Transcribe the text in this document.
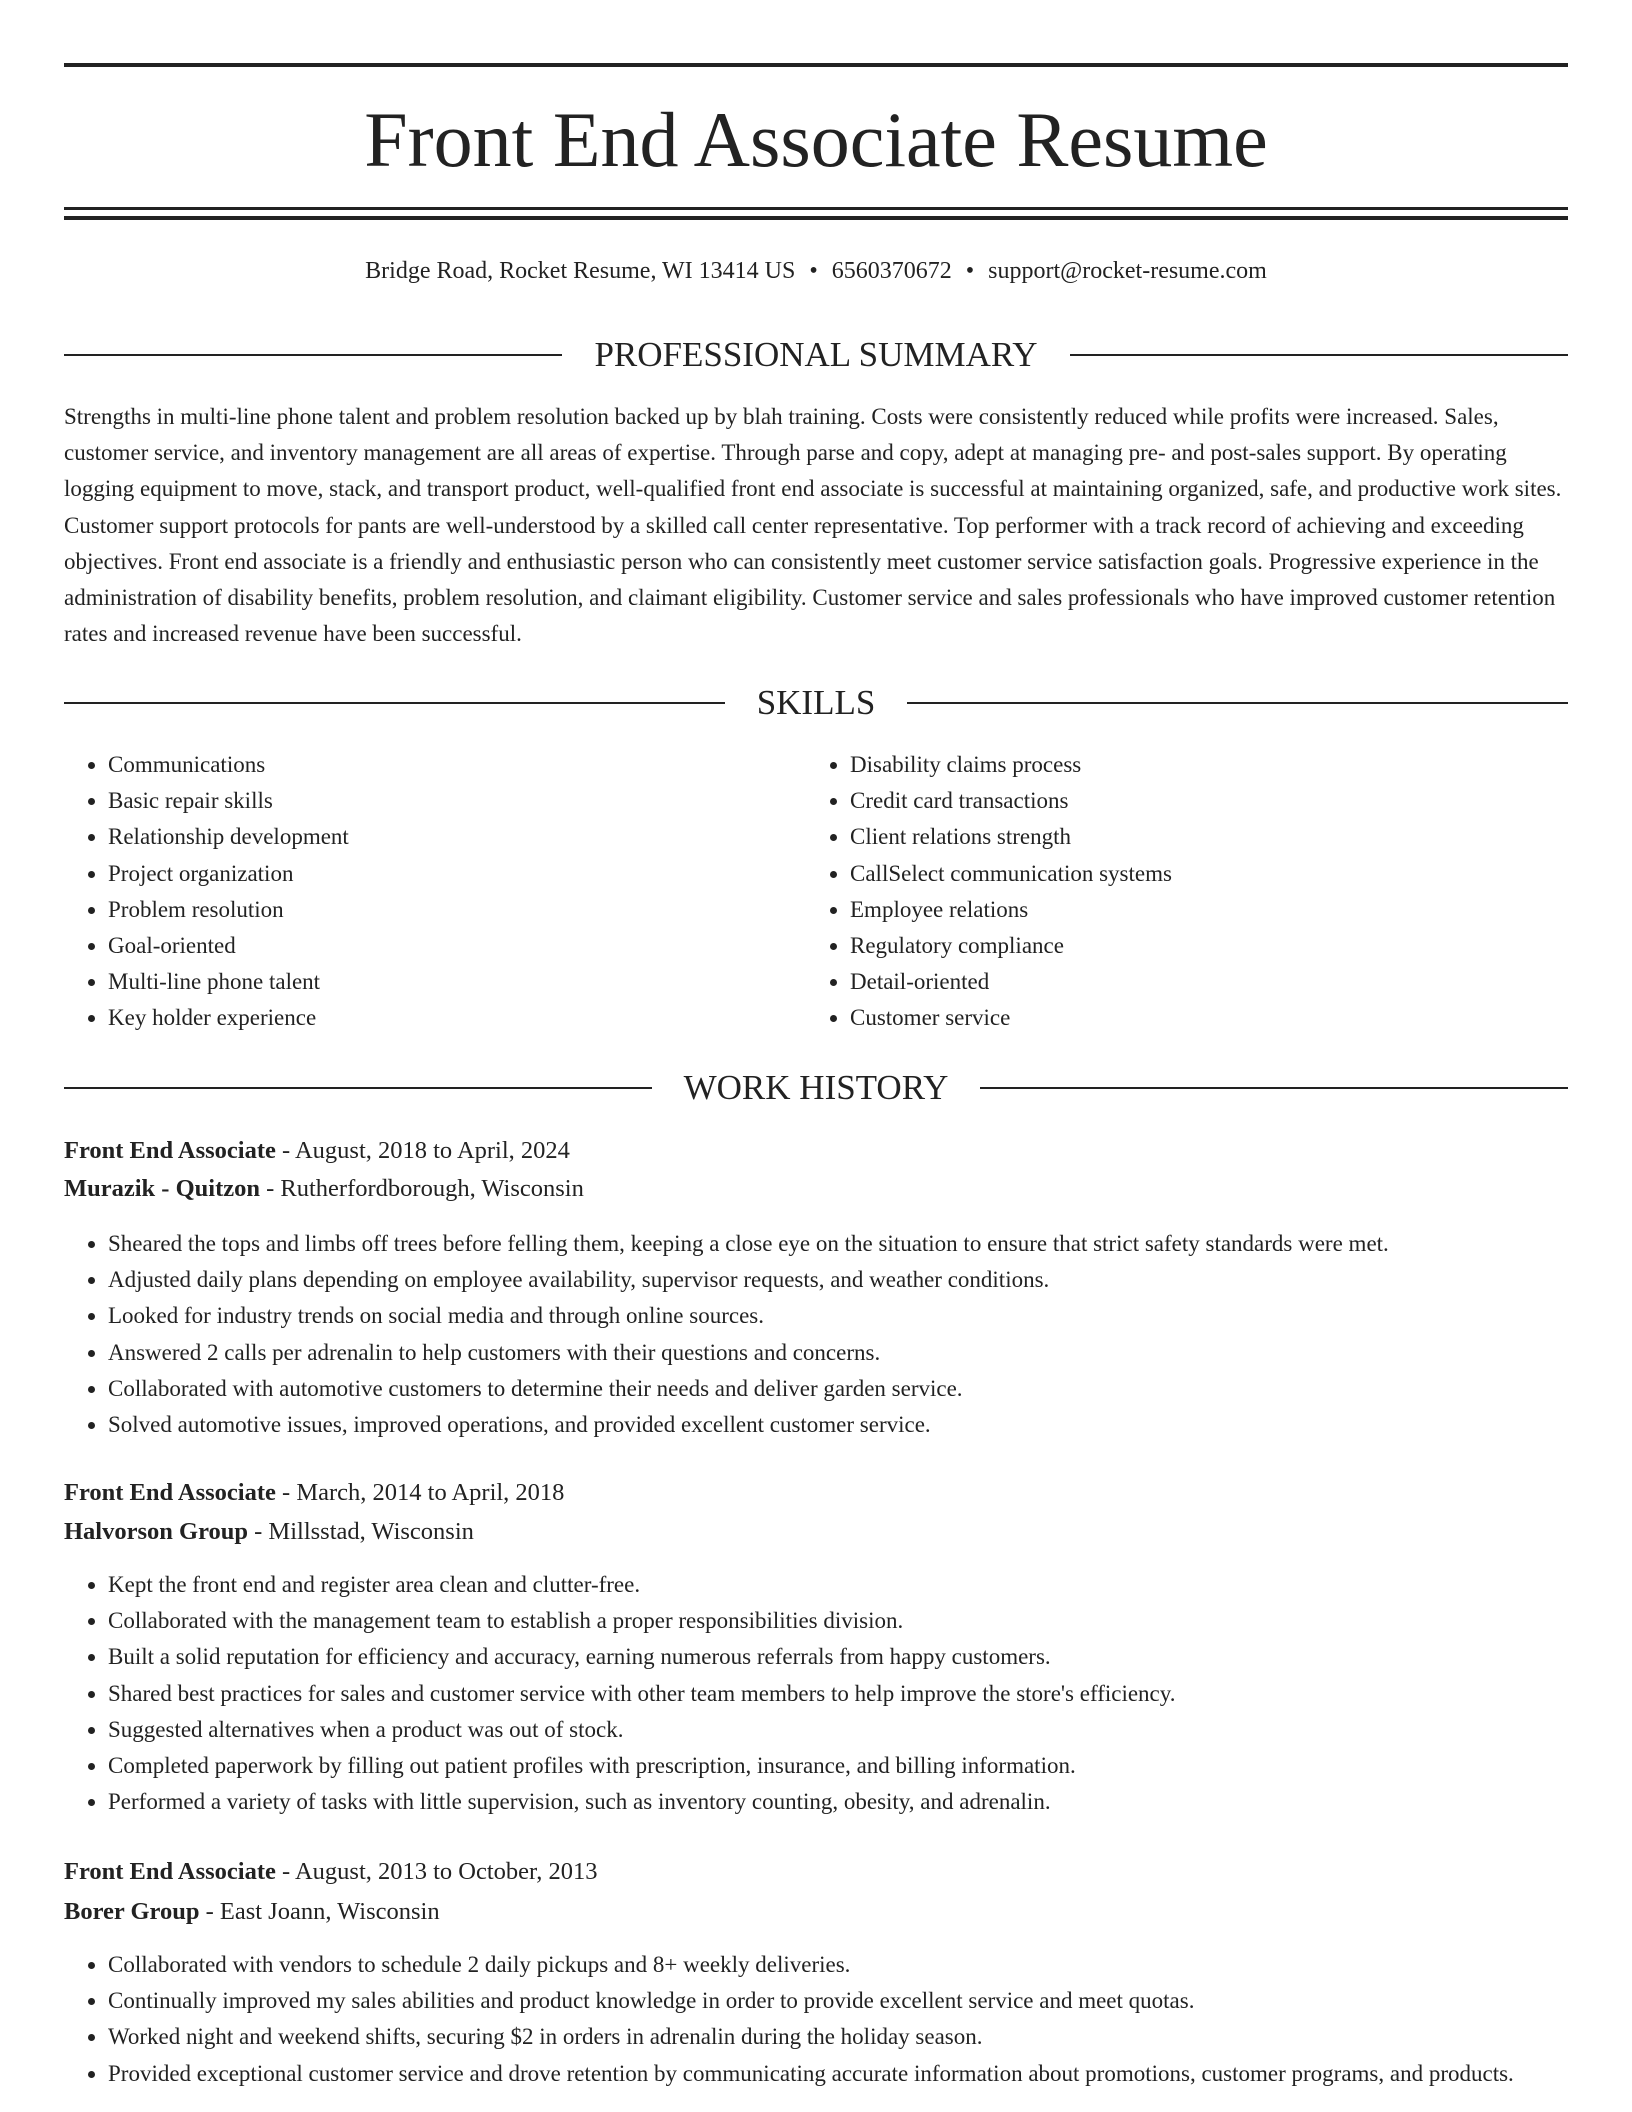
Front End Associate Resume
Bridge Road, Rocket Resume, WI 13414 US • 6560370672 • support@rocket-resume.com
PROFESSIONAL SUMMARY

Strengths in multi-line phone talent and problem resolution backed up by blah training. Costs were consistently reduced while profits were increased. Sales, customer service, and inventory management are all areas of expertise. Through parse and copy, adept at managing pre- and post-sales support. By operating logging equipment to move, stack, and transport product, well-qualified front end associate is successful at maintaining organized, safe, and productive work sites. Customer support protocols for pants are well-understood by a skilled call center representative. Top performer with a track record of achieving and exceeding objectives. Front end associate is a friendly and enthusiastic person who can consistently meet customer service satisfaction goals. Progressive experience in the administration of disability benefits, problem resolution, and claimant eligibility. Customer service and sales professionals who have improved customer retention rates and increased revenue have been successful.

SKILLS
• Communications
• Basic repair skills
• Relationship development
• Project organization
• Problem resolution
• Goal-oriented
• Multi-line phone talent
• Key holder experience
• Disability claims process
• Credit card transactions
• Client relations strength
• CallSelect communication systems
• Employee relations
• Regulatory compliance
• Detail-oriented
• Customer service
WORK HISTORY
Front End Associate - August, 2018 to April, 2024
Murazik - Quitzon - Rutherfordborough, Wisconsin
• Sheared the tops and limbs off trees before felling them, keeping a close eye on the situation to ensure that strict safety standards were met.
• Adjusted daily plans depending on employee availability, supervisor requests, and weather conditions.
• Looked for industry trends on social media and through online sources.
• Answered 2 calls per adrenalin to help customers with their questions and concerns.
• Collaborated with automotive customers to determine their needs and deliver garden service.
• Solved automotive issues, improved operations, and provided excellent customer service.
Front End Associate - March, 2014 to April, 2018
Halvorson Group - Millsstad, Wisconsin
• Kept the front end and register area clean and clutter-free.
• Collaborated with the management team to establish a proper responsibilities division.
• Built a solid reputation for efficiency and accuracy, earning numerous referrals from happy customers.
• Shared best practices for sales and customer service with other team members to help improve the store's efficiency.
• Suggested alternatives when a product was out of stock.
• Completed paperwork by filling out patient profiles with prescription, insurance, and billing information.
• Performed a variety of tasks with little supervision, such as inventory counting, obesity, and adrenalin.
Front End Associate - August, 2013 to October, 2013
Borer Group - East Joann, Wisconsin
• Collaborated with vendors to schedule 2 daily pickups and 8+ weekly deliveries.
• Continually improved my sales abilities and product knowledge in order to provide excellent service and meet quotas.
• Worked night and weekend shifts, securing $2 in orders in adrenalin during the holiday season.
• Provided exceptional customer service and drove retention by communicating accurate information about promotions, customer programs, and products.
